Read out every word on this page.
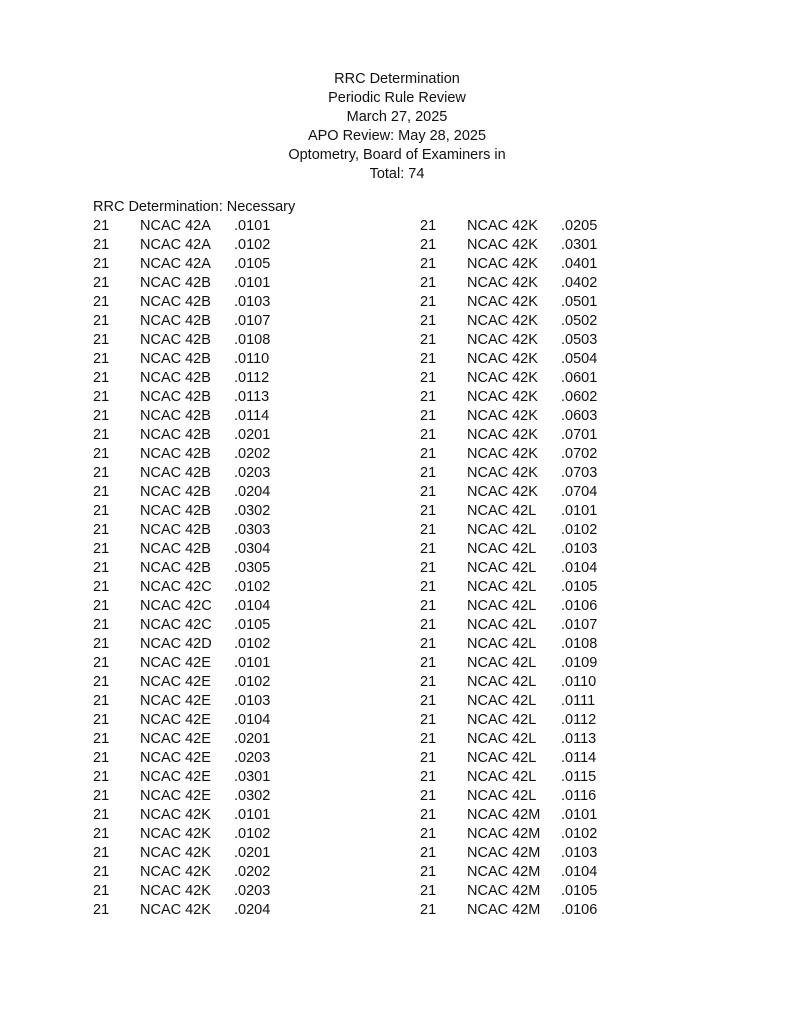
RRC Determination
Periodic Rule Review
March 27, 2025
APO Review: May 28, 2025
Optometry, Board of Examiners in
Total: 74
RRC Determination: Necessary
21 NCAC 42A .0101
21 NCAC 42A .0102
21 NCAC 42A .0105
21 NCAC 42B .0101
21 NCAC 42B .0103
21 NCAC 42B .0107
21 NCAC 42B .0108
21 NCAC 42B .0110
21 NCAC 42B .0112
21 NCAC 42B .0113
21 NCAC 42B .0114
21 NCAC 42B .0201
21 NCAC 42B .0202
21 NCAC 42B .0203
21 NCAC 42B .0204
21 NCAC 42B .0302
21 NCAC 42B .0303
21 NCAC 42B .0304
21 NCAC 42B .0305
21 NCAC 42C .0102
21 NCAC 42C .0104
21 NCAC 42C .0105
21 NCAC 42D .0102
21 NCAC 42E .0101
21 NCAC 42E .0102
21 NCAC 42E .0103
21 NCAC 42E .0104
21 NCAC 42E .0201
21 NCAC 42E .0203
21 NCAC 42E .0301
21 NCAC 42E .0302
21 NCAC 42K .0101
21 NCAC 42K .0102
21 NCAC 42K .0201
21 NCAC 42K .0202
21 NCAC 42K .0203
21 NCAC 42K .0204
21 NCAC 42K .0205
21 NCAC 42K .0301
21 NCAC 42K .0401
21 NCAC 42K .0402
21 NCAC 42K .0501
21 NCAC 42K .0502
21 NCAC 42K .0503
21 NCAC 42K .0504
21 NCAC 42K .0601
21 NCAC 42K .0602
21 NCAC 42K .0603
21 NCAC 42K .0701
21 NCAC 42K .0702
21 NCAC 42K .0703
21 NCAC 42K .0704
21 NCAC 42L .0101
21 NCAC 42L .0102
21 NCAC 42L .0103
21 NCAC 42L .0104
21 NCAC 42L .0105
21 NCAC 42L .0106
21 NCAC 42L .0107
21 NCAC 42L .0108
21 NCAC 42L .0109
21 NCAC 42L .0110
21 NCAC 42L .0111
21 NCAC 42L .0112
21 NCAC 42L .0113
21 NCAC 42L .0114
21 NCAC 42L .0115
21 NCAC 42L .0116
21 NCAC 42M .0101
21 NCAC 42M .0102
21 NCAC 42M .0103
21 NCAC 42M .0104
21 NCAC 42M .0105
21 NCAC 42M .0106
